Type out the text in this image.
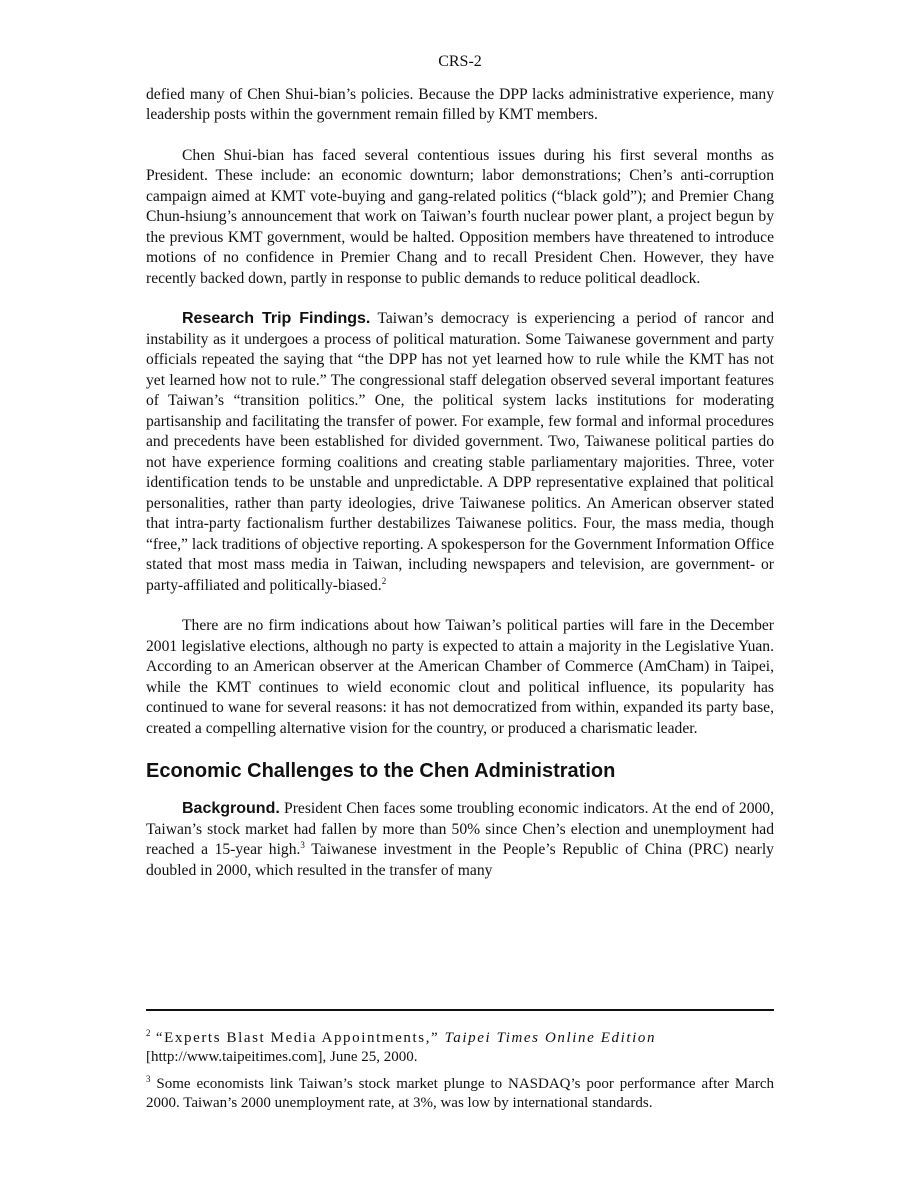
CRS-2

defied many of Chen Shui-bian’s policies. Because the DPP lacks administrative experience, many leadership posts within the government remain filled by KMT members.

Chen Shui-bian has faced several contentious issues during his first several months as President. These include: an economic downturn; labor demonstrations; Chen’s anti-corruption campaign aimed at KMT vote-buying and gang-related politics (“black gold”); and Premier Chang Chun-hsiung’s announcement that work on Taiwan’s fourth nuclear power plant, a project begun by the previous KMT government, would be halted. Opposition members have threatened to introduce motions of no confidence in Premier Chang and to recall President Chen. However, they have recently backed down, partly in response to public demands to reduce political deadlock.

Research Trip Findings. Taiwan’s democracy is experiencing a period of rancor and instability as it undergoes a process of political maturation. Some Taiwanese government and party officials repeated the saying that “the DPP has not yet learned how to rule while the KMT has not yet learned how not to rule.” The congressional staff delegation observed several important features of Taiwan’s “transition politics.” One, the political system lacks institutions for moderating partisanship and facilitating the transfer of power. For example, few formal and informal procedures and precedents have been established for divided government. Two, Taiwanese political parties do not have experience forming coalitions and creating stable parliamentary majorities. Three, voter identification tends to be unstable and unpredictable. A DPP representative explained that political personalities, rather than party ideologies, drive Taiwanese politics. An American observer stated that intra-party factionalism further destabilizes Taiwanese politics. Four, the mass media, though “free,” lack traditions of objective reporting. A spokesperson for the Government Information Office stated that most mass media in Taiwan, including newspapers and television, are government- or party-affiliated and politically-biased.$^2$

There are no firm indications about how Taiwan’s political parties will fare in the December 2001 legislative elections, although no party is expected to attain a majority in the Legislative Yuan. According to an American observer at the American Chamber of Commerce (AmCham) in Taipei, while the KMT continues to wield economic clout and political influence, its popularity has continued to wane for several reasons: it has not democratized from within, expanded its party base, created a compelling alternative vision for the country, or produced a charismatic leader.

Economic Challenges to the Chen Administration

Background. President Chen faces some troubling economic indicators. At the end of 2000, Taiwan’s stock market had fallen by more than 50% since Chen’s election and unemployment had reached a 15-year high.$^3$ Taiwanese investment in the People’s Republic of China (PRC) nearly doubled in 2000, which resulted in the transfer of many

$^2$ “Experts Blast Media Appointments,” Taipei Times Online Edition
[http://www.taipeitimes.com], June 25, 2000.
$^3$ Some economists link Taiwan’s stock market plunge to NASDAQ’s poor performance after March 2000. Taiwan’s 2000 unemployment rate, at 3%, was low by international standards.
